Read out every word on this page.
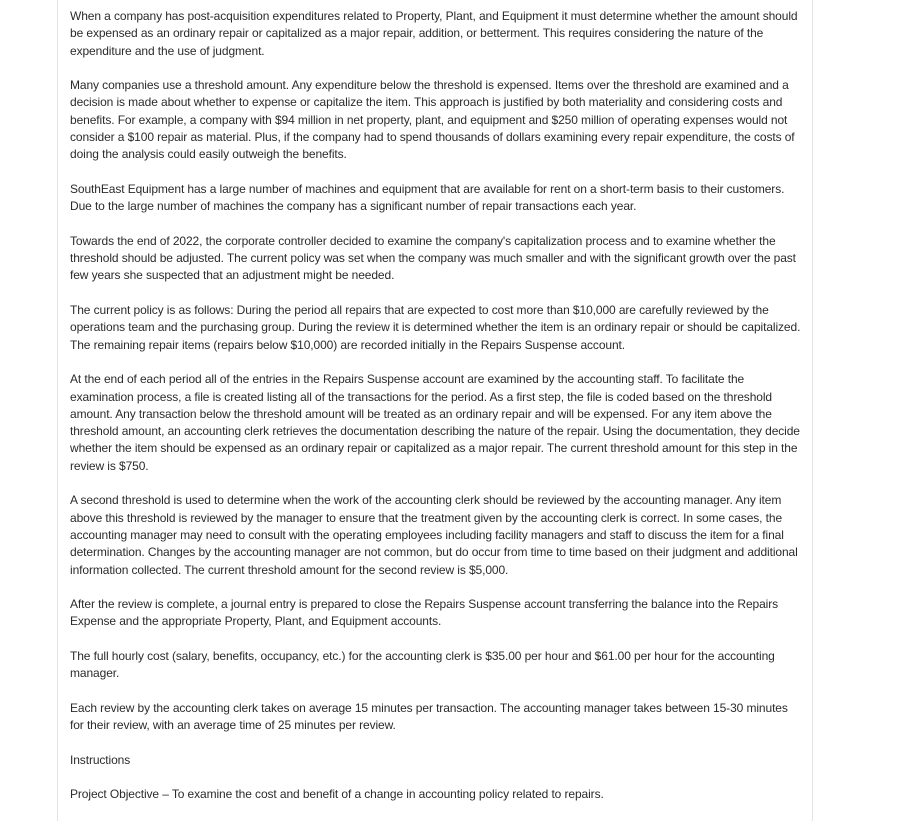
When a company has post-acquisition expenditures related to Property, Plant, and Equipment it must determine whether the amount should be expensed as an ordinary repair or capitalized as a major repair, addition, or betterment. This requires considering the nature of the expenditure and the use of judgment.

Many companies use a threshold amount. Any expenditure below the threshold is expensed. Items over the threshold are examined and a decision is made about whether to expense or capitalize the item. This approach is justified by both materiality and considering costs and benefits. For example, a company with $94 million in net property, plant, and equipment and $250 million of operating expenses would not consider a $100 repair as material. Plus, if the company had to spend thousands of dollars examining every repair expenditure, the costs of doing the analysis could easily outweigh the benefits.

SouthEast Equipment has a large number of machines and equipment that are available for rent on a short-term basis to their customers. Due to the large number of machines the company has a significant number of repair transactions each year.

Towards the end of 2022, the corporate controller decided to examine the company's capitalization process and to examine whether the threshold should be adjusted. The current policy was set when the company was much smaller and with the significant growth over the past few years she suspected that an adjustment might be needed.

The current policy is as follows: During the period all repairs that are expected to cost more than $10,000 are carefully reviewed by the operations team and the purchasing group. During the review it is determined whether the item is an ordinary repair or should be capitalized. The remaining repair items (repairs below $10,000) are recorded initially in the Repairs Suspense account.

At the end of each period all of the entries in the Repairs Suspense account are examined by the accounting staff. To facilitate the examination process, a file is created listing all of the transactions for the period. As a first step, the file is coded based on the threshold amount. Any transaction below the threshold amount will be treated as an ordinary repair and will be expensed. For any item above the threshold amount, an accounting clerk retrieves the documentation describing the nature of the repair. Using the documentation, they decide whether the item should be expensed as an ordinary repair or capitalized as a major repair. The current threshold amount for this step in the review is $750.

A second threshold is used to determine when the work of the accounting clerk should be reviewed by the accounting manager. Any item above this threshold is reviewed by the manager to ensure that the treatment given by the accounting clerk is correct. In some cases, the accounting manager may need to consult with the operating employees including facility managers and staff to discuss the item for a final determination. Changes by the accounting manager are not common, but do occur from time to time based on their judgment and additional information collected. The current threshold amount for the second review is $5,000.

After the review is complete, a journal entry is prepared to close the Repairs Suspense account transferring the balance into the Repairs Expense and the appropriate Property, Plant, and Equipment accounts.

The full hourly cost (salary, benefits, occupancy, etc.) for the accounting clerk is $35.00 per hour and $61.00 per hour for the accounting manager.

Each review by the accounting clerk takes on average 15 minutes per transaction. The accounting manager takes between 15-30 minutes for their review, with an average time of 25 minutes per review.

Instructions

Project Objective – To examine the cost and benefit of a change in accounting policy related to repairs.
